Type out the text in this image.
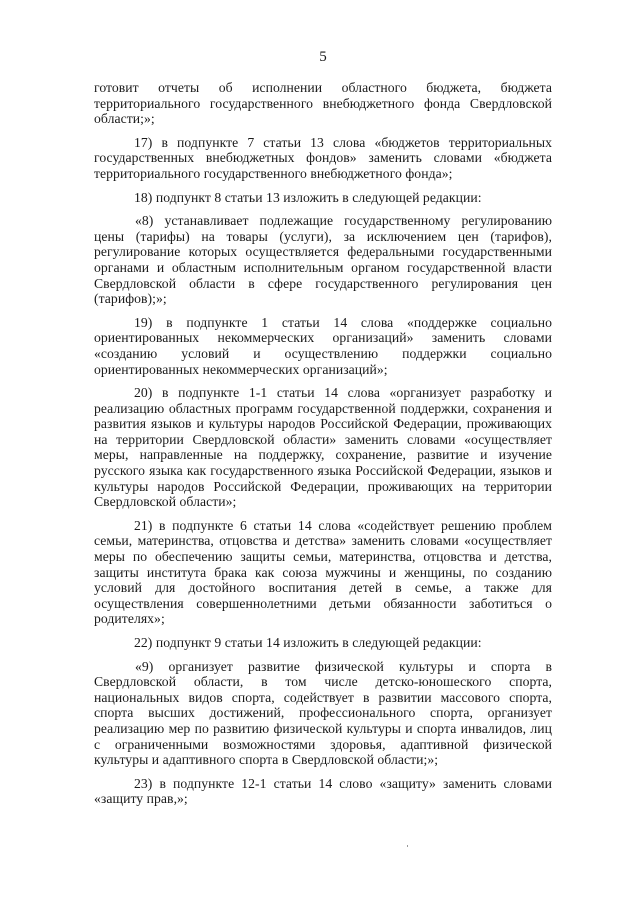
5

готовит отчеты об исполнении областного бюджета, бюджета территориального государственного внебюджетного фонда Свердловской области;»;

17) в подпункте 7 статьи 13 слова «бюджетов территориальных государственных внебюджетных фондов» заменить словами «бюджета территориального государственного внебюджетного фонда»;

18) подпункт 8 статьи 13 изложить в следующей редакции:

«8) устанавливает подлежащие государственному регулированию цены (тарифы) на товары (услуги), за исключением цен (тарифов), регулирование которых осуществляется федеральными государственными органами и областным исполнительным органом государственной власти Свердловской области в сфере государственного регулирования цен (тарифов);»;

19) в подпункте 1 статьи 14 слова «поддержке социально ориентированных некоммерческих организаций» заменить словами «созданию условий и осуществлению поддержки социально ориентированных некоммерческих организаций»;

20) в подпункте 1-1 статьи 14 слова «организует разработку и реализацию областных программ государственной поддержки, сохранения и развития языков и культуры народов Российской Федерации, проживающих на территории Свердловской области» заменить словами «осуществляет меры, направленные на поддержку, сохранение, развитие и изучение русского языка как государственного языка Российской Федерации, языков и культуры народов Российской Федерации, проживающих на территории Свердловской области»;

21) в подпункте 6 статьи 14 слова «содействует решению проблем семьи, материнства, отцовства и детства» заменить словами «осуществляет меры по обеспечению защиты семьи, материнства, отцовства и детства, защиты института брака как союза мужчины и женщины, по созданию условий для достойного воспитания детей в семье, а также для осуществления совершеннолетними детьми обязанности заботиться о родителях»;

22) подпункт 9 статьи 14 изложить в следующей редакции:

«9) организует развитие физической культуры и спорта в Свердловской области, в том числе детско-юношеского спорта, национальных видов спорта, содействует в развитии массового спорта, спорта высших достижений, профессионального спорта, организует реализацию мер по развитию физической культуры и спорта инвалидов, лиц с ограниченными возможностями здоровья, адаптивной физической культуры и адаптивного спорта в Свердловской области;»;

23) в подпункте 12-1 статьи 14 слово «защиту» заменить словами «защиту прав,»;
